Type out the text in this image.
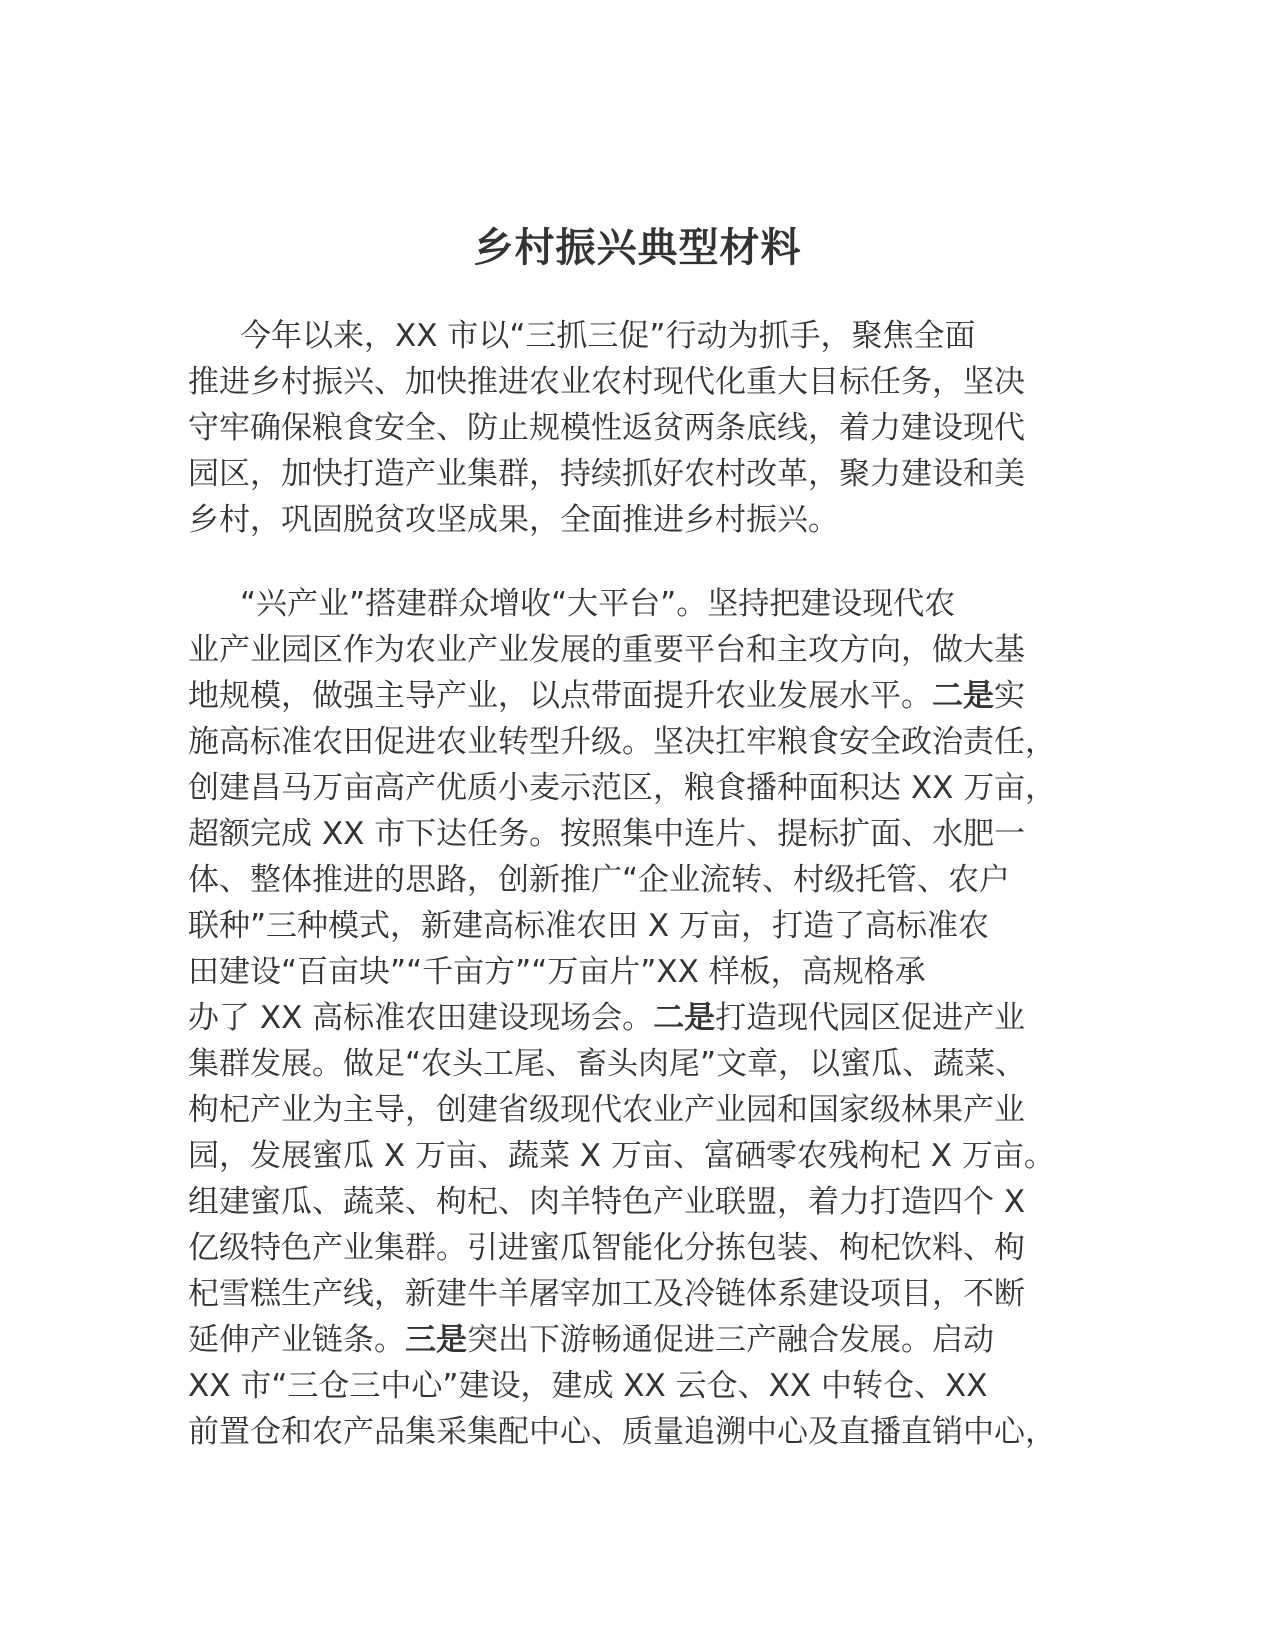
乡村振兴典型材料
今年以来，XX 市以“三抓三促”行动为抓手，聚焦全面
推进乡村振兴、加快推进农业农村现代化重大目标任务，坚决
守牢确保粮食安全、防止规模性返贫两条底线，着力建设现代
园区，加快打造产业集群，持续抓好农村改革，聚力建设和美
乡村，巩固脱贫攻坚成果，全面推进乡村振兴。
“兴产业”搭建群众增收“大平台”。坚持把建设现代农
业产业园区作为农业产业发展的重要平台和主攻方向，做大基
地规模，做强主导产业，以点带面提升农业发展水平。二是实
施高标准农田促进农业转型升级。坚决扛牢粮食安全政治责任，
创建昌马万亩高产优质小麦示范区，粮食播种面积达 XX 万亩，
超额完成 XX 市下达任务。按照集中连片、提标扩面、水肥一
体、整体推进的思路，创新推广“企业流转、村级托管、农户
联种”三种模式，新建高标准农田 X 万亩，打造了高标准农
田建设“百亩块”“千亩方”“万亩片”XX 样板，高规格承
办了 XX 高标准农田建设现场会。二是打造现代园区促进产业
集群发展。做足“农头工尾、畜头肉尾”文章，以蜜瓜、蔬菜、
枸杞产业为主导，创建省级现代农业产业园和国家级林果产业
园，发展蜜瓜 X 万亩、蔬菜 X 万亩、富硒零农残枸杞 X 万亩。
组建蜜瓜、蔬菜、枸杞、肉羊特色产业联盟，着力打造四个 X
亿级特色产业集群。引进蜜瓜智能化分拣包装、枸杞饮料、枸
杞雪糕生产线，新建牛羊屠宰加工及冷链体系建设项目，不断
延伸产业链条。三是突出下游畅通促进三产融合发展。启动
XX 市“三仓三中心”建设，建成 XX 云仓、XX 中转仓、XX
前置仓和农产品集采集配中心、质量追溯中心及直播直销中心，
